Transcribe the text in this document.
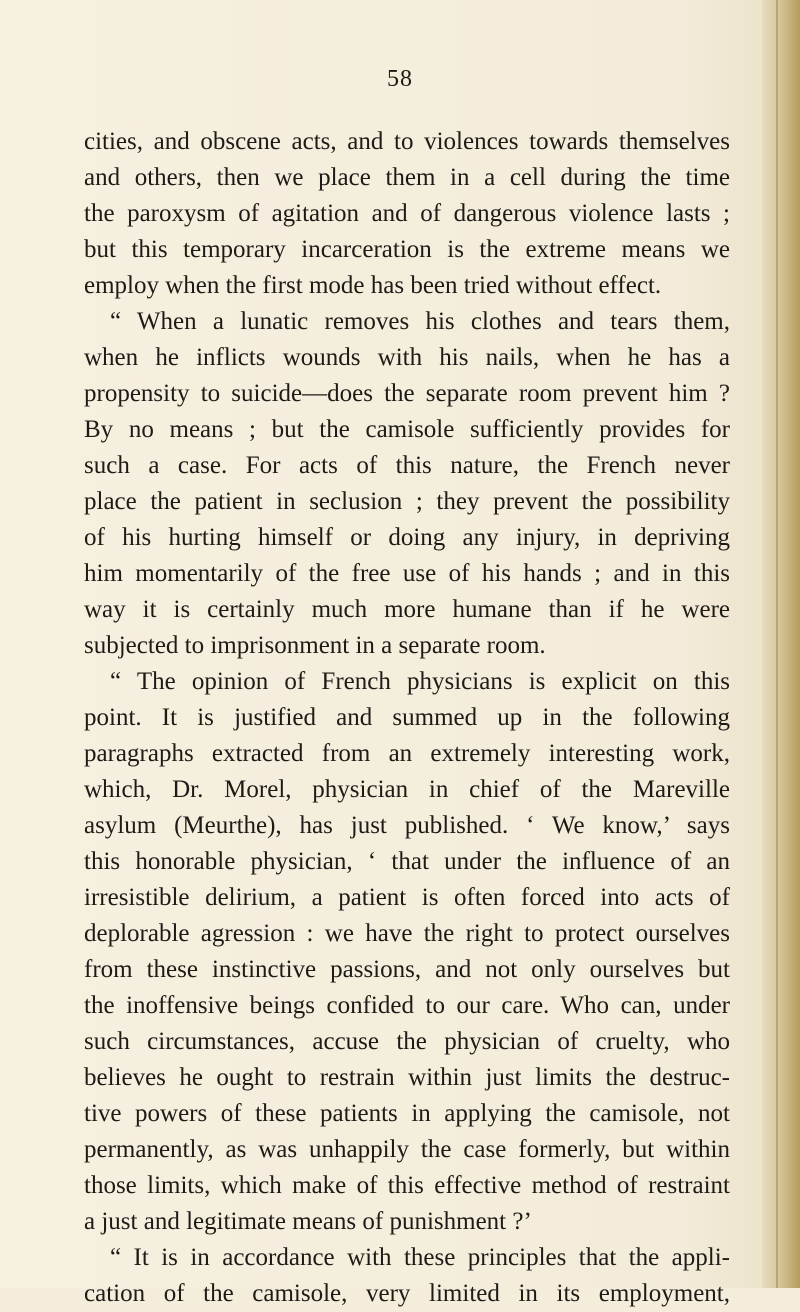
58
cities, and obscene acts, and to violences towards themselves
and others, then we place them in a cell during the time
the paroxysm of agitation and of dangerous violence lasts ;
but this temporary incarceration is the extreme means we
employ when the first mode has been tried without effect.
“ When a lunatic removes his clothes and tears them,
when he inflicts wounds with his nails, when he has a
propensity to suicide—does the separate room prevent him ?
By no means ; but the camisole sufficiently provides for
such a case. For acts of this nature, the French never
place the patient in seclusion ; they prevent the possibility
of his hurting himself or doing any injury, in depriving
him momentarily of the free use of his hands ; and in this
way it is certainly much more humane than if he were
subjected to imprisonment in a separate room.
“ The opinion of French physicians is explicit on this
point. It is justified and summed up in the following
paragraphs extracted from an extremely interesting work,
which, Dr. Morel, physician in chief of the Mareville
asylum (Meurthe), has just published. ‘ We know,’ says
this honorable physician, ‘ that under the influence of an
irresistible delirium, a patient is often forced into acts of
deplorable agression : we have the right to protect ourselves
from these instinctive passions, and not only ourselves but
the inoffensive beings confided to our care. Who can, under
such circumstances, accuse the physician of cruelty, who
believes he ought to restrain within just limits the destruc-
tive powers of these patients in applying the camisole, not
permanently, as was unhappily the case formerly, but within
those limits, which make of this effective method of restraint
a just and legitimate means of punishment ?’
“ It is in accordance with these principles that the appli-
cation of the camisole, very limited in its employment,
